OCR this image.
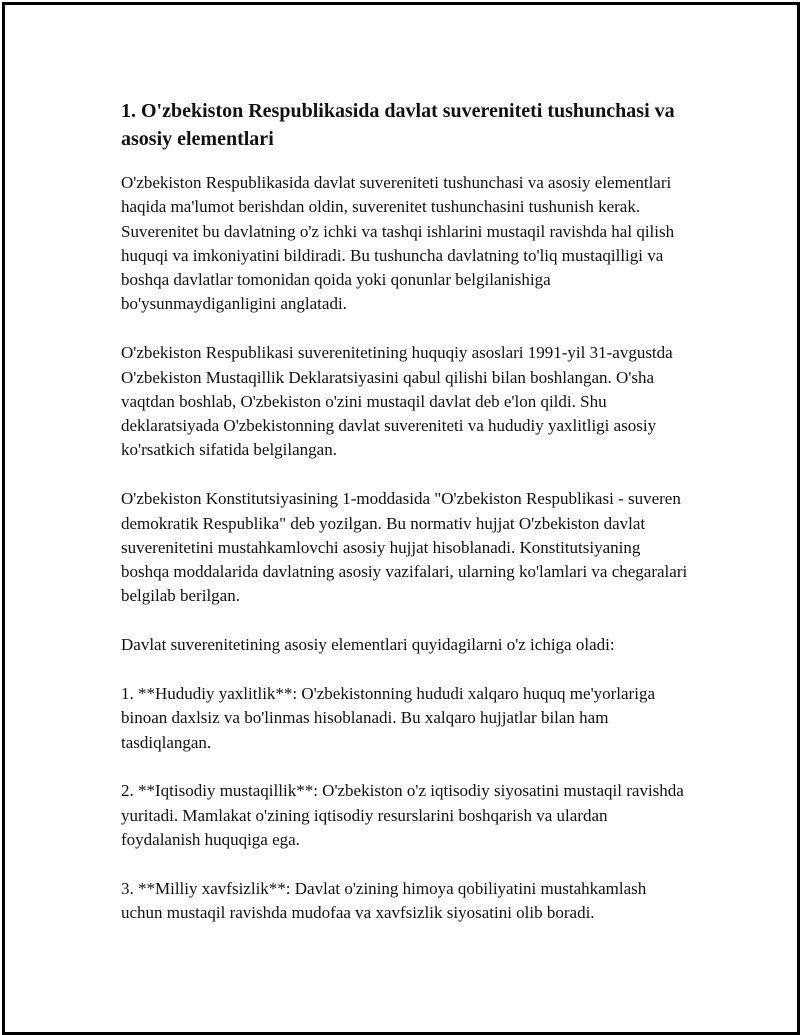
1. O'zbekiston Respublikasida davlat suvereniteti tushunchasi va asosiy elementlari

O'zbekiston Respublikasida davlat suvereniteti tushunchasi va asosiy elementlari haqida ma'lumot berishdan oldin, suverenitet tushunchasini tushunish kerak. Suverenitet bu davlatning o'z ichki va tashqi ishlarini mustaqil ravishda hal qilish huquqi va imkoniyatini bildiradi. Bu tushuncha davlatning to'liq mustaqilligi va boshqa davlatlar tomonidan qoida yoki qonunlar belgilanishiga bo'ysunmaydiganligini anglatadi.

O'zbekiston Respublikasi suverenitetining huquqiy asoslari 1991-yil 31-avgustda O'zbekiston Mustaqillik Deklaratsiyasini qabul qilishi bilan boshlangan. O'sha vaqtdan boshlab, O'zbekiston o'zini mustaqil davlat deb e'lon qildi. Shu deklaratsiyada O'zbekistonning davlat suvereniteti va hududiy yaxlitligi asosiy ko'rsatkich sifatida belgilangan.

O'zbekiston Konstitutsiyasining 1-moddasida "O'zbekiston Respublikasi - suveren demokratik Respublika" deb yozilgan. Bu normativ hujjat O'zbekiston davlat suverenitetini mustahkamlovchi asosiy hujjat hisoblanadi. Konstitutsiyaning boshqa moddalarida davlatning asosiy vazifalari, ularning ko'lamlari va chegaralari belgilab berilgan.

Davlat suverenitetining asosiy elementlari quyidagilarni o'z ichiga oladi:

1. **Hududiy yaxlitlik**: O'zbekistonning hududi xalqaro huquq me'yorlariga binoan daxlsiz va bo'linmas hisoblanadi. Bu xalqaro hujjatlar bilan ham tasdiqlangan.

2. **Iqtisodiy mustaqillik**: O'zbekiston o'z iqtisodiy siyosatini mustaqil ravishda yuritadi. Mamlakat o'zining iqtisodiy resurslarini boshqarish va ulardan foydalanish huquqiga ega.

3. **Milliy xavfsizlik**: Davlat o'zining himoya qobiliyatini mustahkamlash uchun mustaqil ravishda mudofaa va xavfsizlik siyosatini olib boradi.
